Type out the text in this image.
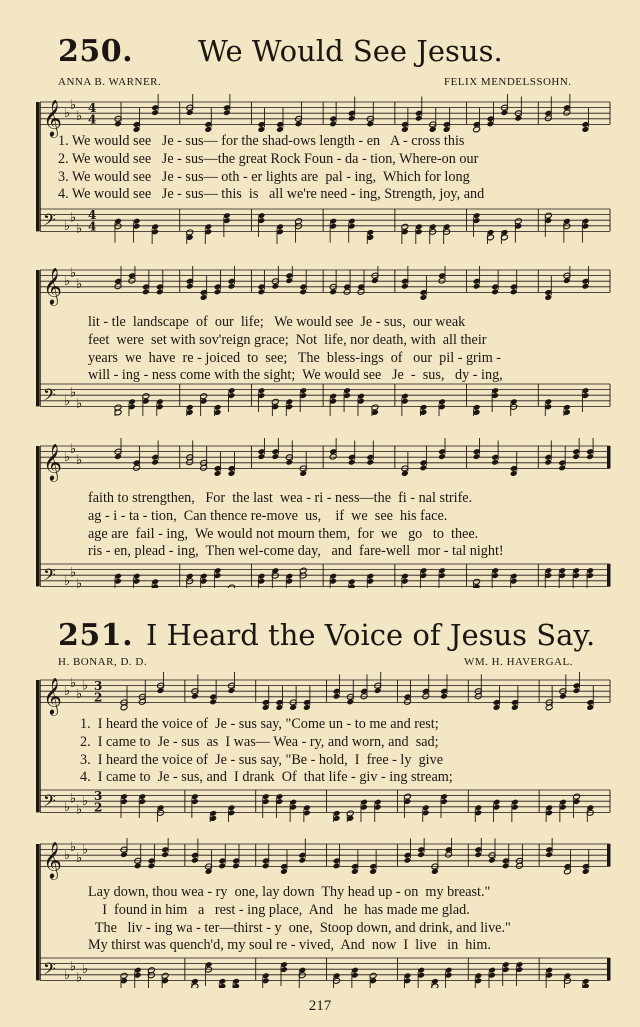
250. We Would See Jesus.
ANNA B. WARNER.	FELIX MENDELSSOHN.
𝄞 ♭
♭
♭
4
4
𝄢 ♭
♭
♭
4
4
1. We would see   Je - sus— for the shad-ows length - en   A - cross this
2. We would see   Je - sus—the great Rock Foun - da - tion, Where-on our
3. We would see   Je - sus— oth - er lights are  pal - ing,  Which for long
4. We would see   Je - sus— this  is   all we're need - ing, Strength, joy, and
𝄞 ♭
♭
♭
𝄢 ♭
♭
♭
lit - tle  landscape  of  our  life;   We would see  Je - sus,  our weak
feet  were  set with sov'reign grace;  Not  life, nor death, with  all their
years  we  have  re - joiced  to  see;   The  bless-ings  of   our  pil - grim -
will - ing - ness come with the sight;  We would see   Je  -  sus,   dy - ing,
𝄞 ♭
♭
♭
𝄢 ♭
♭
♭
faith to strengthen,   For  the last  wea - ri - ness—the  fi - nal strife.
ag - i - ta - tion,  Can thence re-move  us,    if  we  see  his face.
age are  fail - ing,  We would not mourn them,  for  we   go   to  thee.
ris - en, plead - ing,  Then wel-come day,   and  fare-well  mor - tal night!
251. I Heard the Voice of Jesus Say.
H. BONAR, D. D.	WM. H. HAVERGAL.
𝄞 ♭
♭
♭
♭ 3
2
𝄢 ♭
♭
♭
♭ 3
2
1.  I heard the voice of  Je - sus say, "Come un - to me and rest;
2.  I came to  Je - sus  as  I was— Wea - ry, and worn, and  sad;
3.  I heard the voice of  Je - sus say, "Be - hold,  I  free - ly  give
4.  I came to  Je - sus, and  I drank  Of  that life - giv - ing stream;
𝄞 ♭
♭
♭
♭
𝄢 ♭
♭
♭
♭
Lay down, thou wea - ry  one, lay down  Thy head up - on  my breast."
I  found in him   a   rest - ing place,  And   he  has made me glad.
The   liv - ing wa - ter—thirst - y  one,  Stoop down, and drink, and live."
My thirst was quench'd, my soul re - vived,  And  now  I  live   in  him.
217
